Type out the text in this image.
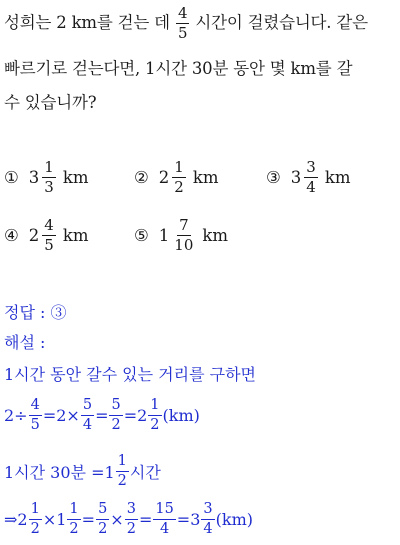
성희는 2 km를 걷는 데 $\frac{4}{5}$ 시간이 걸렸습니다. 같은
빠르기로 걷는다면, 1시간 30분 동안 몇 km를 갈
수 있습니까?
① $3 \frac{1}{3}$ km	② $2 \frac{1}{2}$ km	③ $3 \frac{3}{4}$ km
④ $2 \frac{4}{5}$ km	⑤ $1 \frac{7}{10}$ km
정답 : ③
해설 :
1시간 동안 갈수 있는 거리를 구하면
$2\div \frac{4}{5} =2\times \frac{5}{4} = \frac{5}{2} =2 \frac{1}{2} (km)$
1시간 30분 $=1 \frac{1}{2}$ 시간
⇒2 $\frac{1}{2} \times 1 \frac{1}{2} = \frac{5}{2} \times \frac{3}{2} = \frac{15}{4} =3 \frac{3}{4} (km)$
